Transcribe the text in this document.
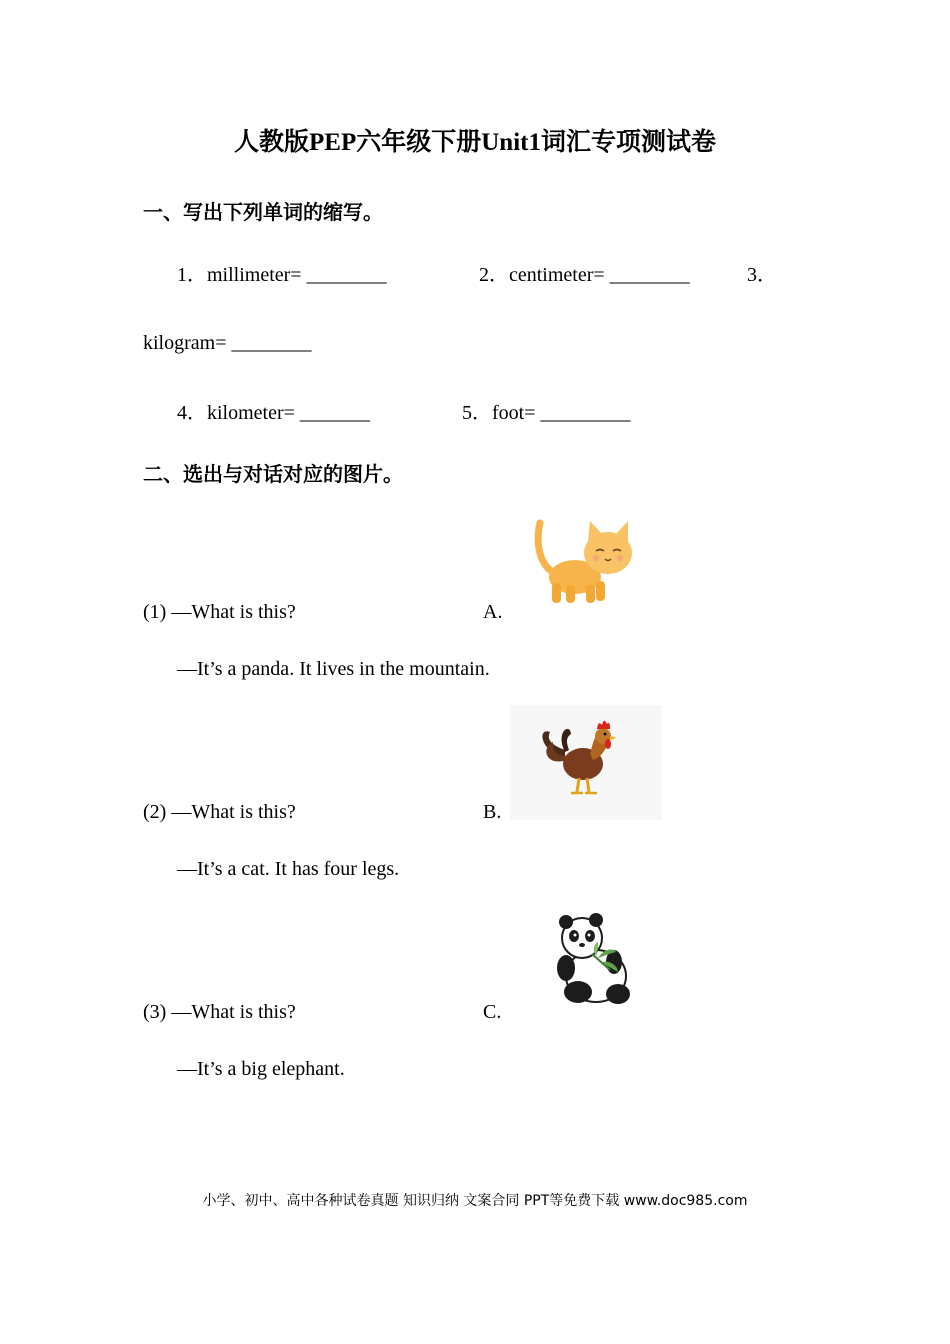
人教版PEP六年级下册Unit1词汇专项测试卷
一、写出下列单词的缩写。
1．millimeter= ________	2．centimeter= ________	3．
kilogram= ________
4．kilometer= _______	5．foot= _________
二、选出与对话对应的图片。
(1) —What is this?
—It’s a panda. It lives in the mountain.
A.
(2) —What is this?
—It’s a cat. It has four legs.
B.
(3) —What is this?
—It’s a big elephant.
C.
小学、初中、高中各种试卷真题 知识归纳 文案合同 PPT等免费下载 www.doc985.com
